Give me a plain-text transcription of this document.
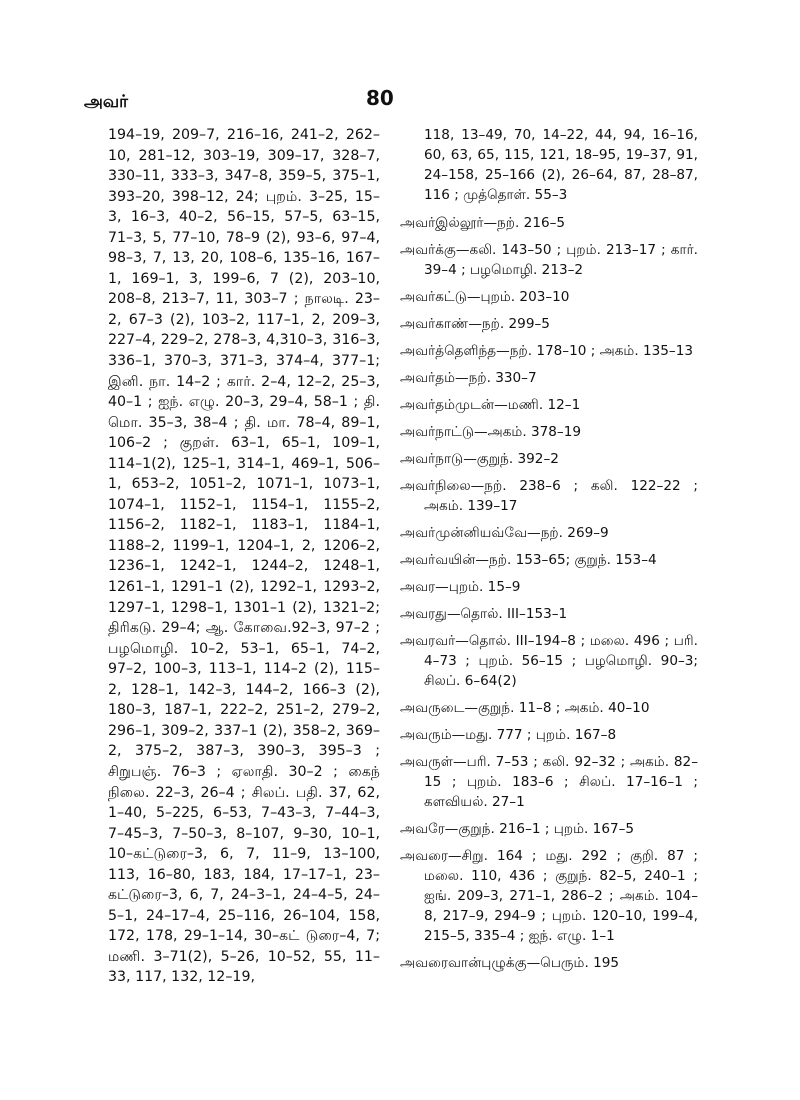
அவர்	80

194–19, 209–7, 216–16, 241–2, 262–10, 281–12, 303–19, 309–17, 328–7, 330–11, 333–3, 347–8, 359–5, 375–1, 393–20, 398–12, 24; புறம். 3–25, 15–3, 16–3, 40–2, 56–15, 57–5, 63–15, 71–3, 5, 77–10, 78–9 (2), 93–6, 97–4, 98–3, 7, 13, 20, 108–6, 135–16, 167–1, 169–1, 3, 199–6, 7 (2), 203–10, 208–8, 213–7, 11, 303–7 ; நாலடி. 23–2, 67–3 (2), 103–2, 117–1, 2, 209–3, 227–4, 229–2, 278–3, 4,310–3, 316–3, 336–1, 370–3, 371–3, 374–4, 377–1; இனி. நா. 14–2 ; கார். 2–4, 12–2, 25–3, 40–1 ; ஐந். எழு. 20–3, 29–4, 58–1 ; தி. மொ. 35–3, 38–4 ; தி. மா. 78–4, 89–1, 106–2 ; குறள். 63–1, 65–1, 109–1, 114–1(2), 125–1, 314–1, 469–1, 506–1, 653–2, 1051–2, 1071–1, 1073–1, 1074–1, 1152–1, 1154–1, 1155–2, 1156–2, 1182–1, 1183–1, 1184–1, 1188–2, 1199–1, 1204–1, 2, 1206–2, 1236–1, 1242–1, 1244–2, 1248–1, 1261–1, 1291–1 (2), 1292–1, 1293–2, 1297–1, 1298–1, 1301–1 (2), 1321–2; திரிகடு. 29–4; ஆ. கோவை.92–3, 97–2 ; பழமொழி. 10–2, 53–1, 65–1, 74–2, 97–2, 100–3, 113–1, 114–2 (2), 115–2, 128–1, 142–3, 144–2, 166–3 (2), 180–3, 187–1, 222–2, 251–2, 279–2, 296–1, 309–2, 337–1 (2), 358–2, 369–2, 375–2, 387–3, 390–3, 395–3 ; சிறுபஞ். 76–3 ; ஏலாதி. 30–2 ; கைந் நிலை. 22–3, 26–4 ; சிலப். பதி. 37, 62, 1–40, 5–225, 6–53, 7–43–3, 7–44–3, 7–45–3, 7–50–3, 8–107, 9–30, 10–1, 10–கட்டுரை–3, 6, 7, 11–9, 13–100, 113, 16–80, 183, 184, 17–17–1, 23–கட்டுரை–3, 6, 7, 24–3–1, 24–4–5, 24–5–1, 24–17–4, 25–116, 26–104, 158, 172, 178, 29–1–14, 30–கட் டுரை–4, 7; மணி. 3–71(2), 5–26, 10–52, 55, 11–33, 117, 132, 12–19,

118, 13–49, 70, 14–22, 44, 94, 16–16, 60, 63, 65, 115, 121, 18–95, 19–37, 91, 24–158, 25–166 (2), 26–64, 87, 28–87, 116 ; முத்தொள். 55–3
அவர்இல்லூர்—நற். 216–5
அவர்க்கு—கலி. 143–50 ; புறம். 213–17 ; கார். 39–4 ; பழமொழி. 213–2
அவர்கட்டு—புறம். 203–10
அவர்காண்—நற். 299–5
அவர்த்தெளிந்த—நற். 178–10 ; அகம். 135–13
அவர்தம்—நற். 330–7
அவர்தம்முடன்—மணி. 12–1
அவர்நாட்டு—அகம். 378–19
அவர்நாடு—குறுந். 392–2
அவர்நிலை—நற். 238–6 ; கலி. 122–22 ; அகம். 139–17
அவர்முன்னியவ்வே—நற். 269–9
அவர்வயின்—நற். 153–65; குறுந். 153–4
அவர—புறம். 15–9
அவரது—தொல். III–153–1
அவரவர்—தொல். III–194–8 ; மலை. 496 ; பரி. 4–73 ; புறம். 56–15 ; பழமொழி. 90–3; சிலப். 6–64(2)
அவருடை—குறுந். 11–8 ; அகம். 40–10
அவரும்—மது. 777 ; புறம். 167–8
அவருள்—பரி. 7–53 ; கலி. 92–32 ; அகம். 82–15 ; புறம். 183–6 ; சிலப். 17–16–1 ; களவியல். 27–1
அவரே—குறுந். 216–1 ; புறம். 167–5
அவரை—சிறு. 164 ; மது. 292 ; குறி. 87 ; மலை. 110, 436 ; குறுந். 82–5, 240–1 ; ஐங். 209–3, 271–1, 286–2 ; அகம். 104–8, 217–9, 294–9 ; புறம். 120–10, 199–4, 215–5, 335–4 ; ஐந். எழு. 1–1
அவரைவான்புழுக்கு—பெரும். 195
